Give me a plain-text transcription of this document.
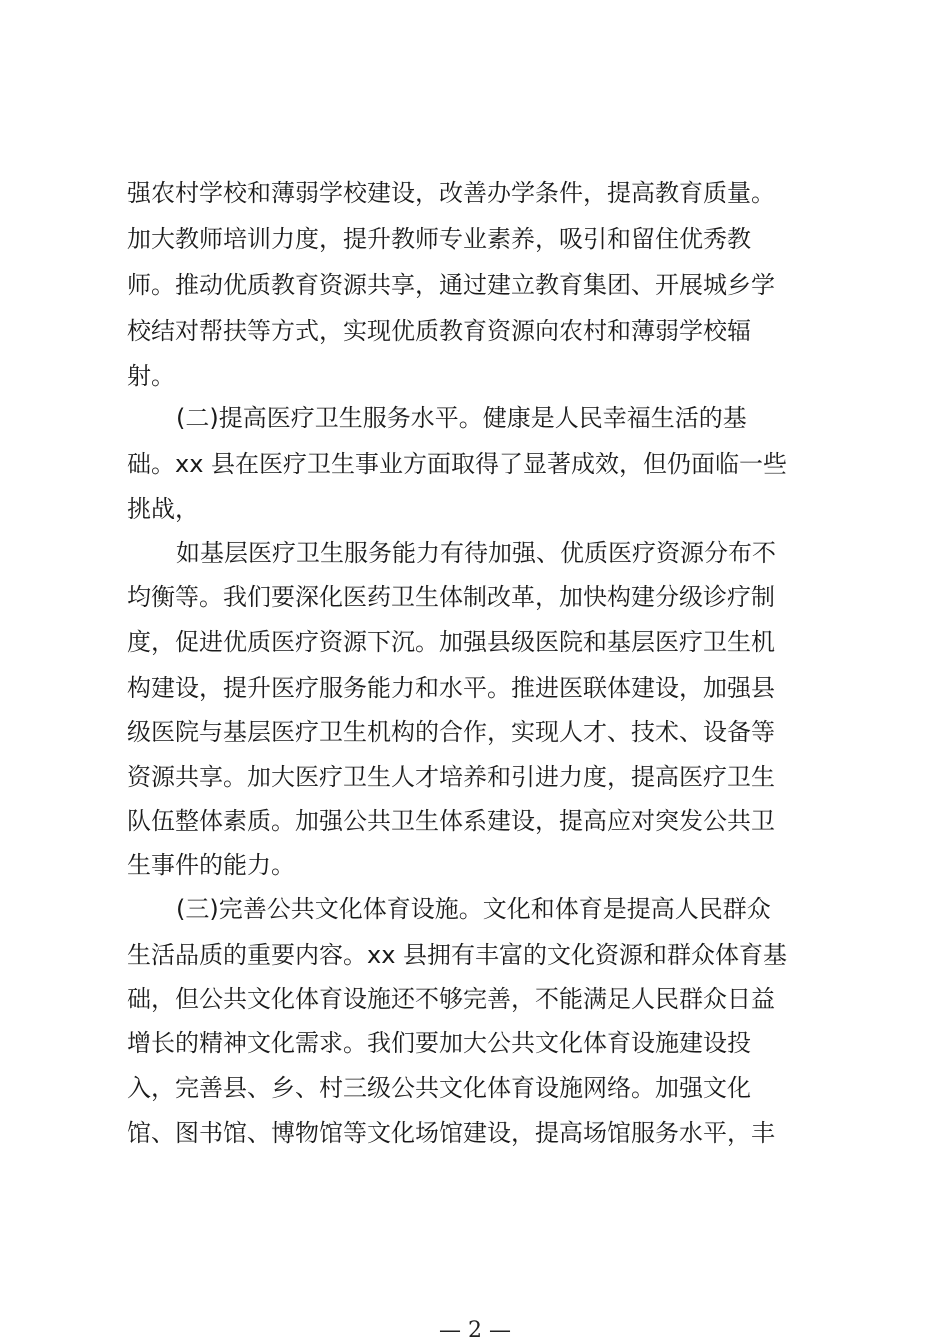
强农村学校和薄弱学校建设，改善办学条件，提高教育质量。

加大教师培训力度，提升教师专业素养，吸引和留住优秀教

师。推动优质教育资源共享，通过建立教育集团、开展城乡学

校结对帮扶等方式，实现优质教育资源向农村和薄弱学校辐

射。

(二)提高医疗卫生服务水平。健康是人民幸福生活的基

础。xx 县在医疗卫生事业方面取得了显著成效，但仍面临一些

挑战，

如基层医疗卫生服务能力有待加强、优质医疗资源分布不

均衡等。我们要深化医药卫生体制改革，加快构建分级诊疗制

度，促进优质医疗资源下沉。加强县级医院和基层医疗卫生机

构建设，提升医疗服务能力和水平。推进医联体建设，加强县

级医院与基层医疗卫生机构的合作，实现人才、技术、设备等

资源共享。加大医疗卫生人才培养和引进力度，提高医疗卫生

队伍整体素质。加强公共卫生体系建设，提高应对突发公共卫

生事件的能力。

(三)完善公共文化体育设施。文化和体育是提高人民群众

生活品质的重要内容。xx 县拥有丰富的文化资源和群众体育基

础，但公共文化体育设施还不够完善，不能满足人民群众日益

增长的精神文化需求。我们要加大公共文化体育设施建设投

入，完善县、乡、村三级公共文化体育设施网络。加强文化

馆、图书馆、博物馆等文化场馆建设，提高场馆服务水平，丰

— 2 —
